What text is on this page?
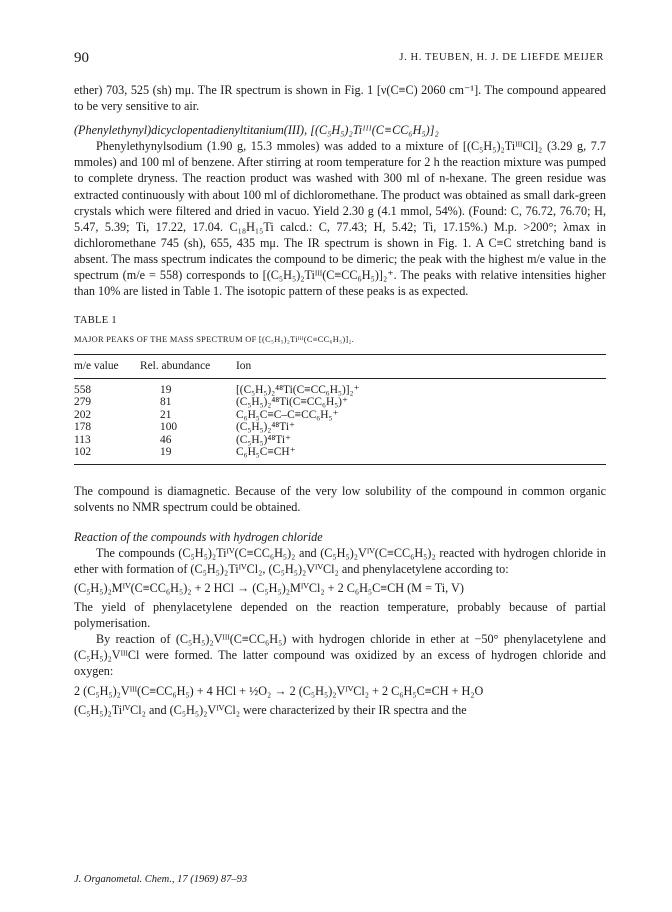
90	J. H. TEUBEN, H. J. DE LIEFDE MEIJER

ether) 703, 525 (sh) mμ. The IR spectrum is shown in Fig. 1 [ν(C≡C) 2060 cm⁻¹]. The compound appeared to be very sensitive to air.

(Phenylethynyl)dicyclopentadienyltitanium(III), [(C₅H₅)₂Tiᴵᴵᴵ(C≡CC₆H₅)]₂

Phenylethynylsodium (1.90 g, 15.3 mmoles) was added to a mixture of [(C₅H₅)₂TiᴵᴵᴵCl]₂ (3.29 g, 7.7 mmoles) and 100 ml of benzene. After stirring at room temperature for 2 h the reaction mixture was pumped to complete dryness. The reaction product was washed with 300 ml of n-hexane. The green residue was extracted continuously with about 100 ml of dichloromethane. The product was obtained as small dark-green crystals which were filtered and dried in vacuo. Yield 2.30 g (4.1 mmol, 54%). (Found: C, 76.72, 76.70; H, 5.47, 5.39; Ti, 17.22, 17.04. C₁₈H₁₅Ti calcd.: C, 77.43; H, 5.42; Ti, 17.15%.) M.p. >200°; λmax in dichloromethane 745 (sh), 655, 435 mμ. The IR spectrum is shown in Fig. 1. A C≡C stretching band is absent. The mass spectrum indicates the compound to be dimeric; the peak with the highest m/e value in the spectrum (m/e = 558) corresponds to [(C₅H₅)₂Tiᴵᴵᴵ(C≡CC₆H₅)]₂⁺. The peaks with relative intensities higher than 10% are listed in Table 1. The isotopic pattern of these peaks is as expected.

TABLE 1
MAJOR PEAKS OF THE MASS SPECTRUM OF [(C₅H₅)₂Tiᴵᴵᴵ(C≡CC₆H₅)]₂.
m/e value	Rel. abundance	Ion
558	19	[(C₅H₅)₂⁴⁸Ti(C≡CC₆H₅)]₂⁺
279	81	(C₅H₅)₂⁴⁸Ti(C≡CC₆H₅)⁺
202	21	C₆H₅C≡C–C≡CC₆H₅⁺
178	100	(C₅H₅)₂⁴⁸Ti⁺
113	46	(C₅H₅)⁴⁸Ti⁺
102	19	C₆H₅C≡CH⁺

The compound is diamagnetic. Because of the very low solubility of the compound in common organic solvents no NMR spectrum could be obtained.

Reaction of the compounds with hydrogen chloride

The compounds (C₅H₅)₂Tiᴵⱽ(C≡CC₆H₅)₂ and (C₅H₅)₂Vᴵⱽ(C≡CC₆H₅)₂ reacted with hydrogen chloride in ether with formation of (C₅H₅)₂TiᴵⱽCl₂, (C₅H₅)₂VᴵⱽCl₂ and phenylacetylene according to:

(C₅H₅)₂Mᴵⱽ(C≡CC₆H₅)₂ + 2 HCl → (C₅H₅)₂MᴵⱽCl₂ + 2 C₆H₅C≡CH (M = Ti, V)

The yield of phenylacetylene depended on the reaction temperature, probably because of partial polymerisation.

By reaction of (C₅H₅)₂Vᴵᴵᴵ(C≡CC₆H₅) with hydrogen chloride in ether at −50° phenylacetylene and (C₅H₅)₂VᴵᴵᴵCl were formed. The latter compound was oxidized by an excess of hydrogen chloride and oxygen:

2 (C₅H₅)₂Vᴵᴵᴵ(C≡CC₆H₅) + 4 HCl + ½O₂ → 2 (C₅H₅)₂VᴵⱽCl₂ + 2 C₆H₅C≡CH + H₂O

(C₅H₅)₂TiᴵⱽCl₂ and (C₅H₅)₂VᴵⱽCl₂ were characterized by their IR spectra and the

J. Organometal. Chem., 17 (1969) 87–93
